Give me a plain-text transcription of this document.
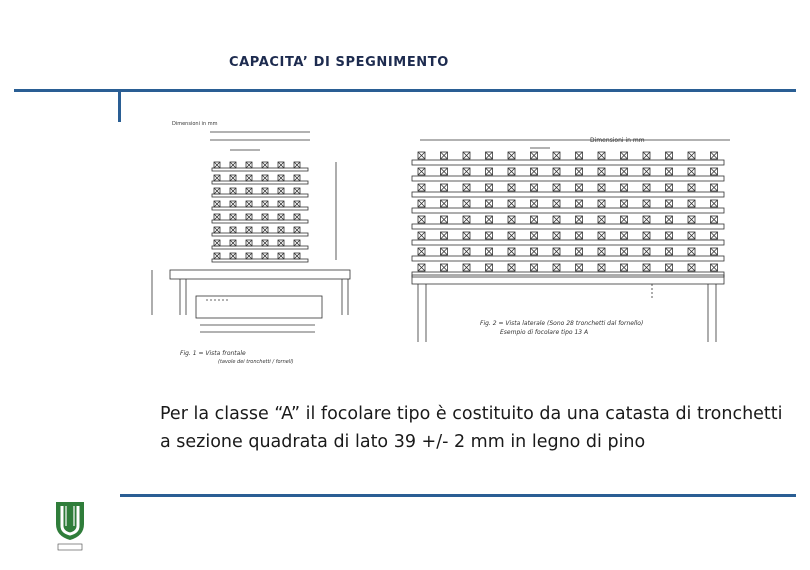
CAPACITA’ DI SPEGNIMENTO
Dimensioni in mm
Fig. 1 = Vista frontale
(tavole dei tronchetti / fornell)
Dimensioni in mm
Fig. 2 = Vista laterale (Sono 28 tronchetti dal fornello)
Esempio di focolare tipo 13 A
Per la classe “A” il focolare tipo è costituito da una catasta di tronchetti a sezione quadrata di lato 39 +/- 2 mm in legno di pino
